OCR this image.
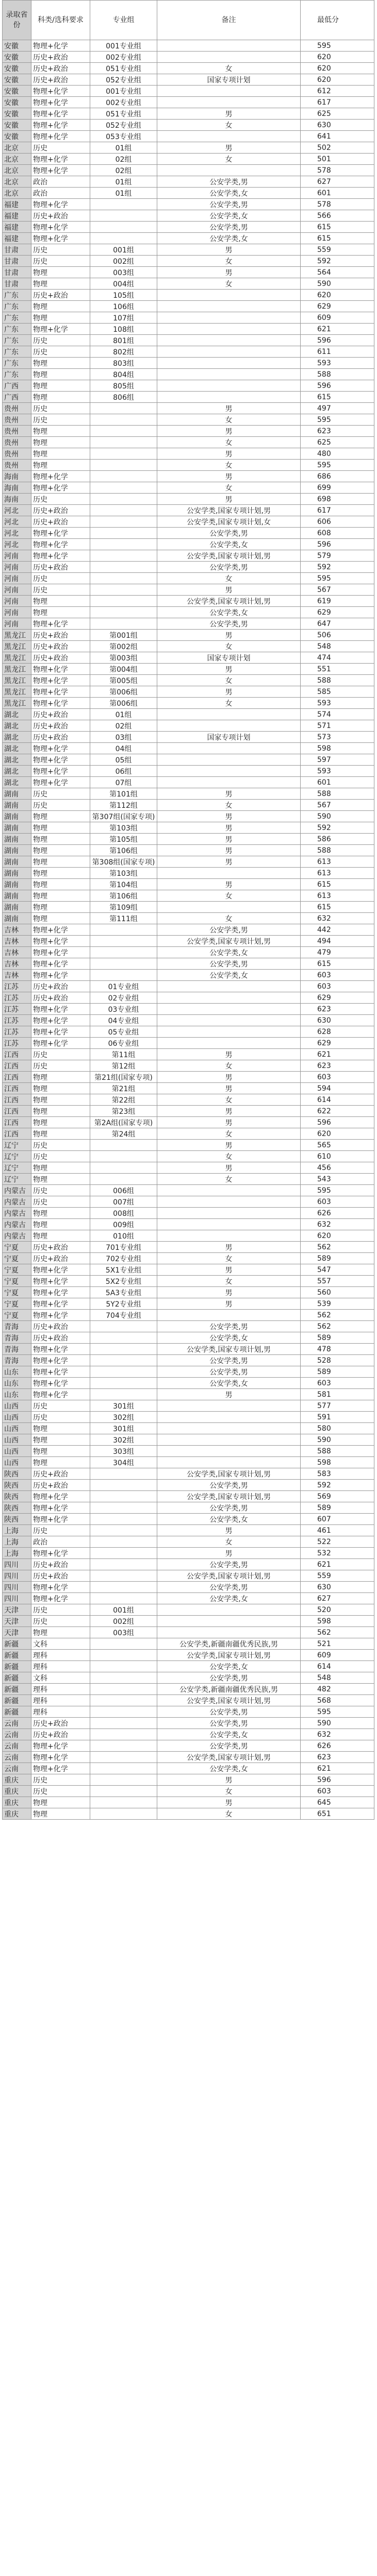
录取省份	科类/选科要求	专业组	备注	最低分
安徽	物理+化学	001专业组		595
安徽	历史+政治	002专业组		620
安徽	历史+政治	051专业组	女	620
安徽	历史+政治	052专业组	国家专项计划	620
安徽	物理+化学	001专业组		612
安徽	物理+化学	002专业组		617
安徽	物理+化学	051专业组	男	625
安徽	物理+化学	052专业组	女	630
安徽	物理+化学	053专业组		641
北京	历史	01组	男	502
北京	物理+化学	02组	女	501
北京	物理+化学	02组		578
北京	政治	01组	公安学类,男	627
北京	政治	01组	公安学类,女	601
福建	物理+化学		公安学类,男	578
福建	历史+政治		公安学类,女	566
福建	物理+化学		公安学类,男	615
福建	物理+化学		公安学类,女	615
甘肃	历史	001组	男	559
甘肃	历史	002组	女	592
甘肃	物理	003组	男	564
甘肃	物理	004组	女	590
广东	历史+政治	105组		620
广东	物理	106组		629
广东	物理	107组		609
广东	物理+化学	108组		621
广东	历史	801组		596
广东	历史	802组		611
广东	物理	803组		593
广东	物理	804组		588
广西	物理	805组		596
广西	物理	806组		615
贵州	历史		男	497
贵州	历史		女	595
贵州	物理		男	623
贵州	物理		女	625
贵州	物理		男	480
贵州	物理		女	595
海南	物理+化学		男	686
海南	物理+化学		女	699
海南	历史		男	698
河北	历史+政治		公安学类,国家专项计划,男	617
河北	历史+政治		公安学类,国家专项计划,女	606
河北	物理+化学		公安学类,男	608
河北	物理+化学		公安学类,女	596
河南	物理+化学		公安学类,国家专项计划,男	579
河南	历史+政治		公安学类,男	592
河南	历史		女	595
河南	历史		男	567
河南	物理		公安学类,国家专项计划,男	619
河南	物理		公安学类,女	629
河南	物理+化学		公安学类,男	647
黑龙江	历史+政治	第001组	男	506
黑龙江	历史+政治	第002组	女	548
黑龙江	历史+政治	第003组	国家专项计划	474
黑龙江	物理+化学	第004组	男	551
黑龙江	物理+化学	第005组	女	588
黑龙江	物理+化学	第006组	男	585
黑龙江	物理+化学	第006组	女	593
湖北	历史+政治	01组		574
湖北	历史+政治	02组		571
湖北	历史+政治	03组	国家专项计划	573
湖北	物理+化学	04组		598
湖北	物理+化学	05组		597
湖北	物理+化学	06组		593
湖北	物理+化学	07组		601
湖南	历史	第101组	男	588
湖南	历史	第112组	女	567
湖南	物理	第307组(国家专项)	男	590
湖南	物理	第103组	男	592
湖南	物理	第105组	男	586
湖南	物理	第106组	男	588
湖南	物理	第308组(国家专项)	男	613
湖南	物理	第103组		613
湖南	物理	第104组	男	615
湖南	物理	第106组	女	613
湖南	物理	第109组		615
湖南	物理	第111组	女	632
吉林	物理+化学		公安学类,男	442
吉林	物理+化学		公安学类,国家专项计划,男	494
吉林	物理+化学		公安学类,女	479
吉林	物理+化学		公安学类,男	615
吉林	物理+化学		公安学类,女	603
江苏	历史+政治	01专业组		603
江苏	历史+政治	02专业组		629
江苏	物理+化学	03专业组		623
江苏	物理+化学	04专业组		630
江苏	物理+化学	05专业组		628
江苏	物理+化学	06专业组		629
江西	历史	第11组	男	621
江西	历史	第12组	女	623
江西	物理	第21组(国家专项)	男	603
江西	物理	第21组	男	594
江西	物理	第22组	女	614
江西	物理	第23组	男	622
江西	物理	第2A组(国家专项)	男	596
江西	物理	第24组	女	620
辽宁	历史		男	565
辽宁	历史		女	610
辽宁	物理		男	456
辽宁	物理		女	543
内蒙古	历史	006组		595
内蒙古	历史	007组		603
内蒙古	物理	008组		626
内蒙古	物理	009组		632
内蒙古	物理	010组		620
宁夏	历史+政治	701专业组	男	562
宁夏	历史+政治	702专业组	女	589
宁夏	物理+化学	5X1专业组	男	547
宁夏	物理+化学	5X2专业组	女	557
宁夏	物理+化学	5A3专业组	男	560
宁夏	物理+化学	5Y2专业组	男	539
宁夏	物理+化学	704专业组		562
青海	历史+政治		公安学类,男	562
青海	历史+政治		公安学类,女	589
青海	物理+化学		公安学类,国家专项计划,男	478
青海	物理+化学		公安学类,男	528
山东	物理+化学		公安学类,男	589
山东	物理+化学		公安学类,女	603
山东	物理+化学		男	581
山西	历史	301组		577
山西	历史	302组		591
山西	物理	301组		580
山西	物理	302组		590
山西	物理	303组		588
山西	物理	304组		598
陕西	历史+政治		公安学类,国家专项计划,男	583
陕西	历史+政治		公安学类,男	592
陕西	物理+化学		公安学类,国家专项计划,男	569
陕西	物理+化学		公安学类,男	589
陕西	物理+化学		公安学类,女	607
上海	历史		男	461
上海	政治		女	522
上海	物理+化学		男	532
四川	历史+政治		公安学类,男	621
四川	历史+政治		公安学类,国家专项计划,男	559
四川	物理+化学		公安学类,男	630
四川	物理+化学		公安学类,女	627
天津	历史	001组		520
天津	历史	002组		598
天津	物理	003组		562
新疆	文科		公安学类,新疆南疆优秀民族,男	521
新疆	理科		公安学类,国家专项计划,男	609
新疆	理科		公安学类,女	614
新疆	文科		公安学类,男	548
新疆	理科		公安学类,新疆南疆优秀民族,男	482
新疆	理科		公安学类,国家专项计划,男	568
新疆	理科		公安学类,男	595
云南	历史+政治		公安学类,男	590
云南	历史+政治		公安学类,女	632
云南	物理+化学		公安学类,男	626
云南	物理+化学		公安学类,国家专项计划,男	623
云南	物理+化学		公安学类,女	621
重庆	历史		男	596
重庆	历史		女	603
重庆	物理		男	645
重庆	物理		女	651
